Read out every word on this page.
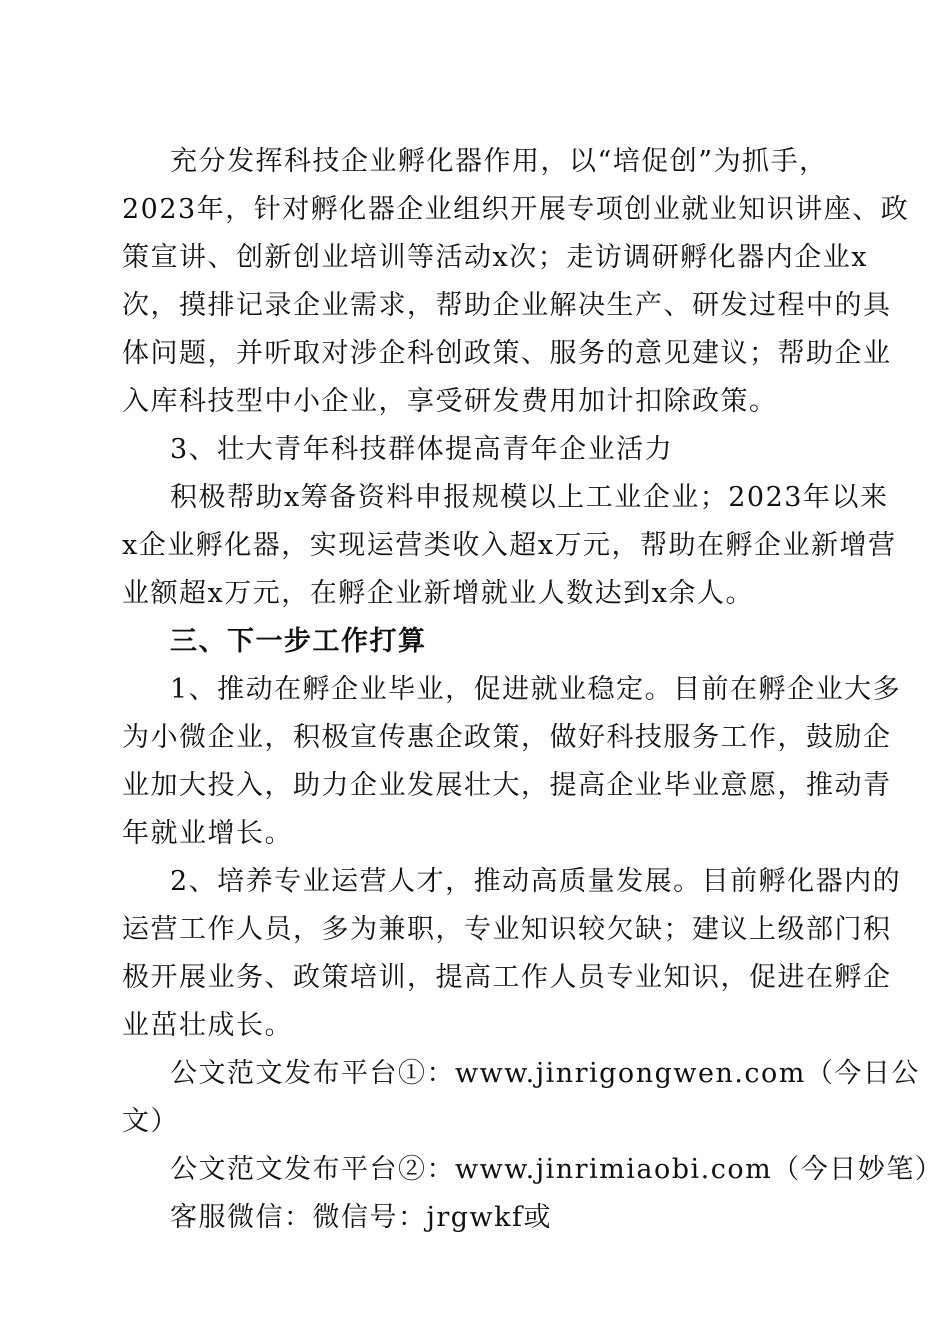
充分发挥科技企业孵化器作用，以“培促创”为抓手，

2023年，针对孵化器企业组织开展专项创业就业知识讲座、政

策宣讲、创新创业培训等活动x次；走访调研孵化器内企业x

次，摸排记录企业需求，帮助企业解决生产、研发过程中的具

体问题，并听取对涉企科创政策、服务的意见建议；帮助企业

入库科技型中小企业，享受研发费用加计扣除政策。

3、壮大青年科技群体提高青年企业活力

积极帮助x筹备资料申报规模以上工业企业；2023年以来

x企业孵化器，实现运营类收入超x万元，帮助在孵企业新增营

业额超x万元，在孵企业新增就业人数达到x余人。

三、下一步工作打算

1、推动在孵企业毕业，促进就业稳定。目前在孵企业大多

为小微企业，积极宣传惠企政策，做好科技服务工作，鼓励企

业加大投入，助力企业发展壮大，提高企业毕业意愿，推动青

年就业增长。

2、培养专业运营人才，推动高质量发展。目前孵化器内的

运营工作人员，多为兼职，专业知识较欠缺；建议上级部门积

极开展业务、政策培训，提高工作人员专业知识，促进在孵企

业茁壮成长。

公文范文发布平台①：www.jinrigongwen.com（今日公

文）

公文范文发布平台②：www.jinrimiaobi.com（今日妙笔）

客服微信：微信号：jrgwkf或
